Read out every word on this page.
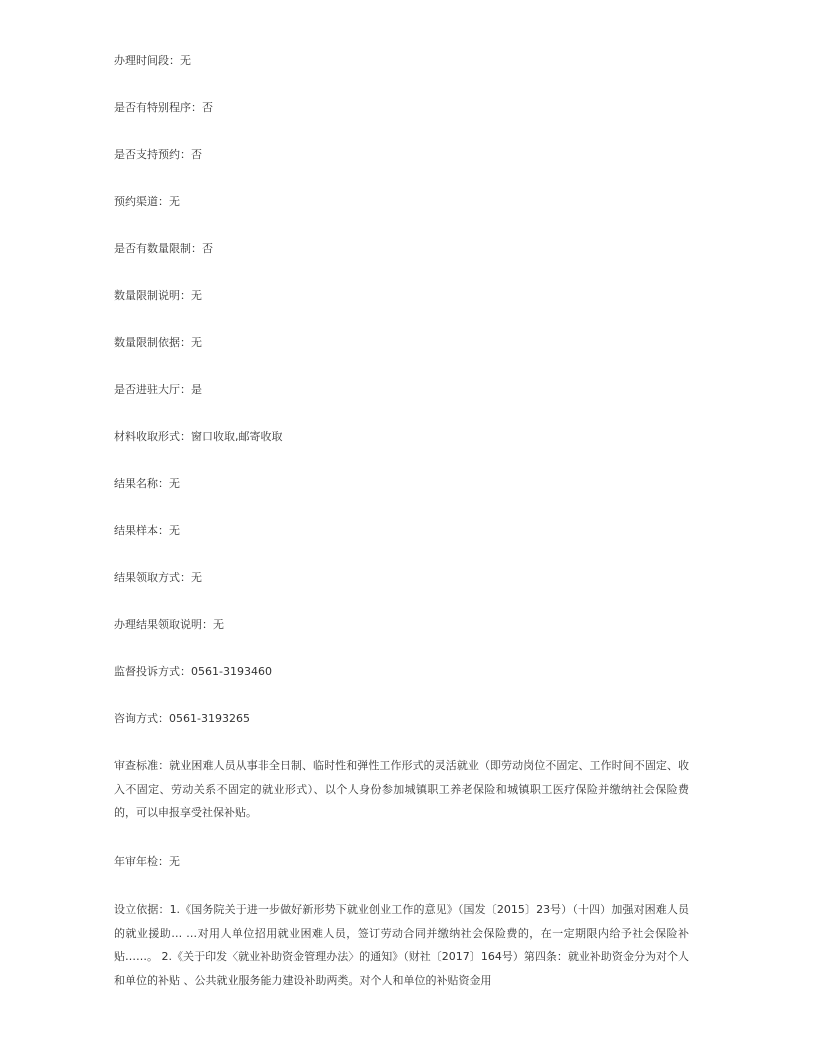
办理时间段：无
是否有特别程序：否
是否支持预约：否
预约渠道：无
是否有数量限制：否
数量限制说明：无
数量限制依据：无
是否进驻大厅：是
材料收取形式：窗口收取,邮寄收取
结果名称：无
结果样本：无
结果领取方式：无
办理结果领取说明：无
监督投诉方式：0561-3193460
咨询方式：0561-3193265
审查标准：就业困难人员从事非全日制、临时性和弹性工作形式的灵活就业（即劳动岗位不固定、工作时间不固定、收入不固定、劳动关系不固定的就业形式）、以个人身份参加城镇职工养老保险和城镇职工医疗保险并缴纳社会保险费的，可以申报享受社保补贴。
年审年检：无
设立依据：1.《国务院关于进一步做好新形势下就业创业工作的意见》（国发〔2015〕23号）（十四）加强对困难人员的就业援助… …对用人单位招用就业困难人员，签订劳动合同并缴纳社会保险费的，在一定期限内给予社会保险补贴……。 2.《关于印发〈就业补助资金管理办法〉的通知》（财社〔2017〕164号）第四条：就业补助资金分为对个人和单位的补贴 、公共就业服务能力建设补助两类。对个人和单位的补贴资金用
